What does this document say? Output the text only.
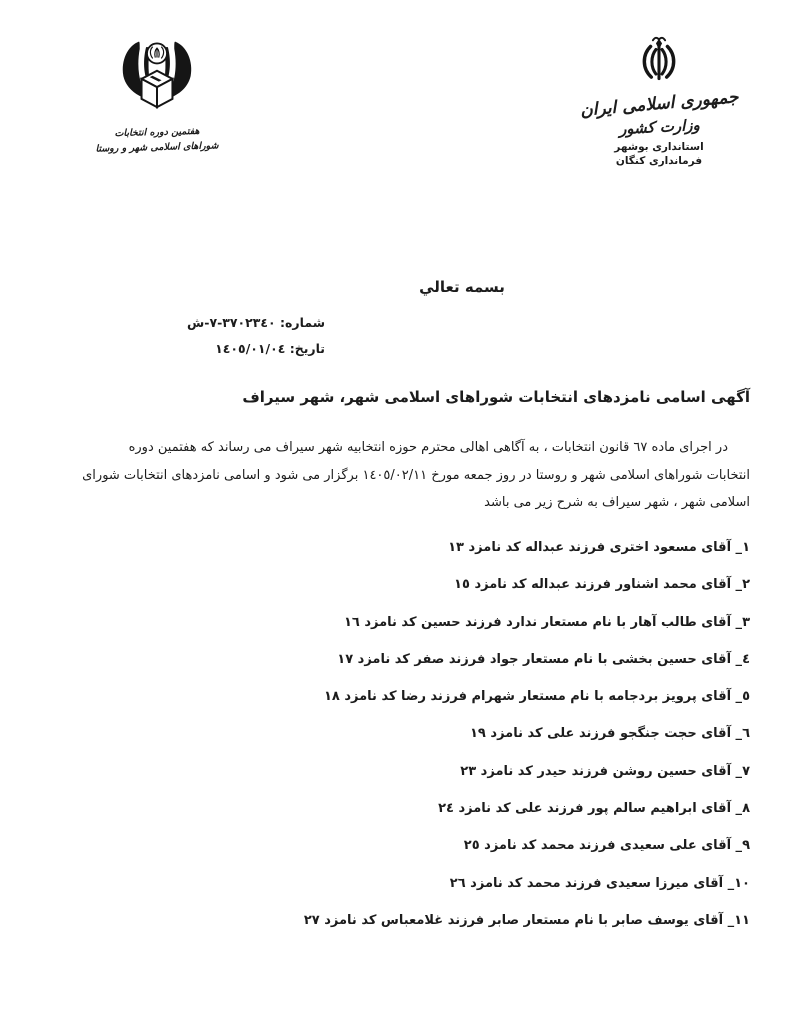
هفتمین دوره انتخابات
شوراهای اسلامی شهر و روستا
جمهوری اسلامی ایران
وزارت کشور
استانداری بوشهر
فرمانداری کنگان
بسمه تعالي
شماره: ٣٧٠٢٣٤٠-٧-ش
تاریخ: ١٤٠٥/٠١/٠٤
آگهی اسامی نامزدهای انتخابات شوراهای اسلامی شهر، شهر سیراف
در اجرای ماده ٦٧ قانون انتخابات ، به آگاهی اهالی محترم حوزه انتخابیه شهر سیراف می رساند که هفتمین دوره
انتخابات شوراهای اسلامی شهر و روستا در روز جمعه مورخ ١٤٠٥/٠٢/١١ برگزار می شود و اسامی نامزدهای انتخابات شورای
اسلامی شهر ، شهر سیراف به شرح زیر می باشد
١_ آقای مسعود اختری فرزند عبداله کد نامزد ١٣
٢_ آقای محمد اشناور فرزند عبداله کد نامزد ١٥
٣_ آقای طالب آهار با نام مستعار ندارد فرزند حسین کد نامزد ١٦
٤_ آقای حسین بخشی با نام مستعار جواد فرزند صفر کد نامزد ١٧
٥_ آقای پرویز بردجامه با نام مستعار شهرام فرزند رضا کد نامزد ١٨
٦_ آقای حجت جنگجو فرزند علی کد نامزد ١٩
٧_ آقای حسین روشن فرزند حیدر کد نامزد ٢٣
٨_ آقای ابراهیم سالم پور فرزند علی کد نامزد ٢٤
٩_ آقای علی سعیدی فرزند محمد کد نامزد ٢٥
١٠_ آقای میرزا سعیدی فرزند محمد کد نامزد ٢٦
١١_ آقای یوسف صابر با نام مستعار صابر فرزند غلامعباس کد نامزد ٢٧
